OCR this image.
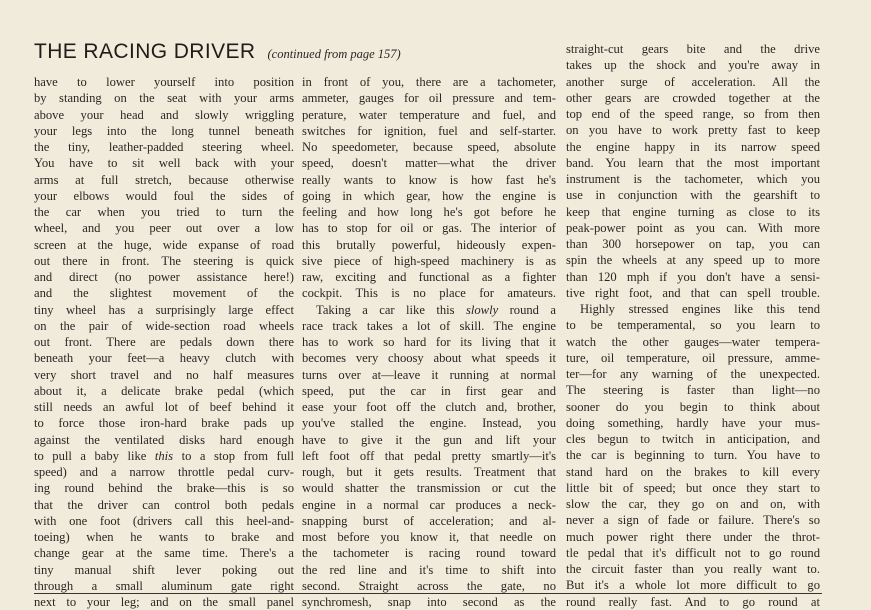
THE RACING DRIVER (continued from page 157)
have to lower yourself into position
by standing on the seat with your arms
above your head and slowly wriggling
your legs into the long tunnel beneath
the tiny, leather-padded steering wheel.
You have to sit well back with your
arms at full stretch, because otherwise
your elbows would foul the sides of
the car when you tried to turn the
wheel, and you peer out over a low
screen at the huge, wide expanse of road
out there in front. The steering is quick
and direct (no power assistance here!)
and the slightest movement of the
tiny wheel has a surprisingly large effect
on the pair of wide-section road wheels
out front. There are pedals down there
beneath your feet—a heavy clutch with
very short travel and no half measures
about it, a delicate brake pedal (which
still needs an awful lot of beef behind it
to force those iron-hard brake pads up
against the ventilated disks hard enough
to pull a baby like this to a stop from full
speed) and a narrow throttle pedal curv-
ing round behind the brake—this is so
that the driver can control both pedals
with one foot (drivers call this heel-and-
toeing) when he wants to brake and
change gear at the same time. There's a
tiny manual shift lever poking out
through a small aluminum gate right
next to your leg; and on the small panel
in front of you, there are a tachometer,
ammeter, gauges for oil pressure and tem-
perature, water temperature and fuel, and
switches for ignition, fuel and self-starter.
No speedometer, because speed, absolute
speed, doesn't matter—what the driver
really wants to know is how fast he's
going in which gear, how the engine is
feeling and how long he's got before he
has to stop for oil or gas. The interior of
this brutally powerful, hideously expen-
sive piece of high-speed machinery is as
raw, exciting and functional as a fighter
cockpit. This is no place for amateurs.
Taking a car like this slowly round a
race track takes a lot of skill. The engine
has to work so hard for its living that it
becomes very choosy about what speeds it
turns over at—leave it running at normal
speed, put the car in first gear and
ease your foot off the clutch and, brother,
you've stalled the engine. Instead, you
have to give it the gun and lift your
left foot off that pedal pretty smartly—it's
rough, but it gets results. Treatment that
would shatter the transmission or cut the
engine in a normal car produces a neck-
snapping burst of acceleration; and al-
most before you know it, that needle on
the tachometer is racing round toward
the red line and it's time to shift into
second. Straight across the gate, no
synchromesh, snap into second as the
straight-cut gears bite and the drive
takes up the shock and you're away in
another surge of acceleration. All the
other gears are crowded together at the
top end of the speed range, so from then
on you have to work pretty fast to keep
the engine happy in its narrow speed
band. You learn that the most important
instrument is the tachometer, which you
use in conjunction with the gearshift to
keep that engine turning as close to its
peak-power point as you can. With more
than 300 horsepower on tap, you can
spin the wheels at any speed up to more
than 120 mph if you don't have a sensi-
tive right foot, and that can spell trouble.
Highly stressed engines like this tend
to be temperamental, so you learn to
watch the other gauges—water tempera-
ture, oil temperature, oil pressure, amme-
ter—for any warning of the unexpected.
The steering is faster than light—no
sooner do you begin to think about
doing something, hardly have your mus-
cles begun to twitch in anticipation, and
the car is beginning to turn. You have to
stand hard on the brakes to kill every
little bit of speed; but once they start to
slow the car, they go on and on, with
never a sign of fade or failure. There's so
much power right there under the throt-
tle pedal that it's difficult not to go round
the circuit faster than you really want to.
But it's a whole lot more difficult to go
round really fast. And to go round at
